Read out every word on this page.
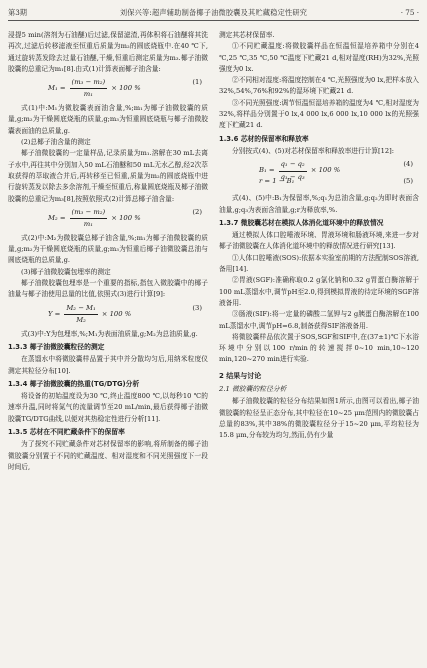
第3期	刘保兴等:超声辅助制备椰子油微胶囊及其贮藏稳定性研究	· 75 ·

浸提5 min(溶剂为石油醚)后过滤,保留滤渣,再体积将石油醚将其洗再次,过滤后转移滤液至恒重后质量为m₂的圆底烧瓶中.在40 ℃下,通过旋转蒸发除去过量石油醚,干燥,恒重后测定质量为m₃.椰子油微胶囊的总重记为m₁[8].由式(1)计算表面椰子油含量:

$M_1 = \frac{\text{(m₃ − m₂)}}{\text{m₁}} \times 100$ %
(1)

式(1)中:M₁为微胶囊表面油含量,%;m₁为椰子油微胶囊的质量,g;m₂为干燥圆底烧瓶的质量,g;m₃为恒重圆底烧瓶与椰子油微胶囊表面油的总质量,g.

(2)总椰子油含量的测定

椰子油微胶囊的一定量样品,记录质量为m₁.溶解在30 mL去离子水中,再往其中分别加入50 mL石油醚和50 mL无水乙醇,经2次萃取获得的萃取液合并后,再转移至已恒重,质量为m₂的圆底烧瓶中进行旋转蒸发以除去多余溶剂,干燥至恒重后,称量圆底烧瓶及椰子油微胶囊的总重记为m₃[8],按照依照式(2)计算总椰子油含量:

$M_2 = \frac{\text{(m₃ − m₂)}}{\text{m₁}} \times 100$ %
(2)

式(2)中:M₂为微胶囊总椰子油含量,%;m₁为椰子油微胶囊的质量,g;m₂为干燥圆底烧瓶的质量,g;m₃为恒重后椰子油微胶囊总油与圆底烧瓶的总质量,g.

(3)椰子油微胶囊包埋率的测定

椰子油微胶囊包埋率是一个重要的指标,指包入微胶囊中的椰子油量与椰子油使用总量的比值,依照式(3)进行计算[9]:

$Y = \frac{\text{M₂ − M₁}}{\text{M₂}} \times 100$ %
(3)

式(3)中:Y为包埋率,%;M₁为表面油质量,g;M₂为总油质量,g.

1.3.3 椰子油微胶囊粒径的测定

在蒸馏水中将微胶囊样品置于其中并分散均匀后,用纳米粒度仪测定其粒径分布[10].

1.3.4 椰子油微胶囊的热重(TG/DTG)分析

将设备的初始温度设为30 ℃,终止温度800 ℃,以每秒10 ℃的速率升温,同时将氮气的流量调节至20 mL/min,最后获得椰子油微胶囊TG/DTG曲线,以便对其热稳定性进行分析[11].

1.3.5 芯材在不同贮藏条件下的保留率

为了探究不同贮藏条件对芯材保留率的影响,将所制备的椰子油微胶囊分别置于不同的贮藏温度、相对湿度和不同光照强度下一段时间后,

测定其芯材保留率.

①不同贮藏温度:将微胶囊样品在恒温恒湿培养箱中分别在4 ℃,25 ℃,35 ℃,50 ℃温度下贮藏21 d,相对湿度(RH)为32%,光照强度为0 lx.

②不同相对湿度:将温度控制在4 ℃,光照强度为0 lx,把样本放入32%,54%,76%和92%的湿环境下贮藏21 d.

③不同光照强度:调节恒温恒湿培养箱的温度为4 ℃,相对湿度为32%,将样品分别置于0 lx,4 000 lx,6 000 lx,10 000 lx的光照强度下贮藏21 d.

1.3.6 芯材的保留率和释放率

分别按式(4)、(5)对芯材保留率和释放率进行计算[12]:

$B_1 = \frac{\text{q₁ − q₂}}{\text{q₁ − q₃}} \times 100$ %
(4)
r = 1 − B₁	(5)

式(4)、(5)中:B₁为保留率,%;q₁为总油含量,g;q₂为即时表面含油量,g;q₃为表面含油量,g;r为释放率,%.

1.3.7 微胶囊芯材在模拟人体消化道环境中的释放情况

通过模拟人体口腔唾液环境、胃液环境和肠液环境,来进一步对椰子油微胶囊在人体消化道环境中的释放情况进行研究[13].

①人体口腔唾液(SOS):依据本实验室前期的方法配制SOS溶液,备用[14].

②胃液(SGF):准确称取0.2 g氯化钠和0.32 g胃蛋白酶溶解于100 mL蒸馏水中,调节pH至2.0,得到模拟胃液的待定环境的SGF溶液备用.

③肠液(SIF):将一定量的磷酸二氢钾与2 g胰蛋白酶溶解在100 mL蒸馏水中,调节pH=6.8,制备获得SIF溶液备用.

将微胶囊样品依次置于SOS,SGF和SIF中,在(37±1)℃下水浴环境中分别以100 r/min的转速搅拌0~10 min,10~120 min,120~270 min进行实验.

2 结果与讨论
2.1 微胶囊的粒径分析

椰子油微胶囊的粒径分布结果如图1所示,由图可以看出,椰子油微胶囊的粒径呈正态分布,其中粒径在10~25 μm范围内的微胶囊占总量的83%,其中38%的微胶囊粒径分于15~20 μm,平均粒径为15.8 μm,分布较为均匀,然而,仍有少量
